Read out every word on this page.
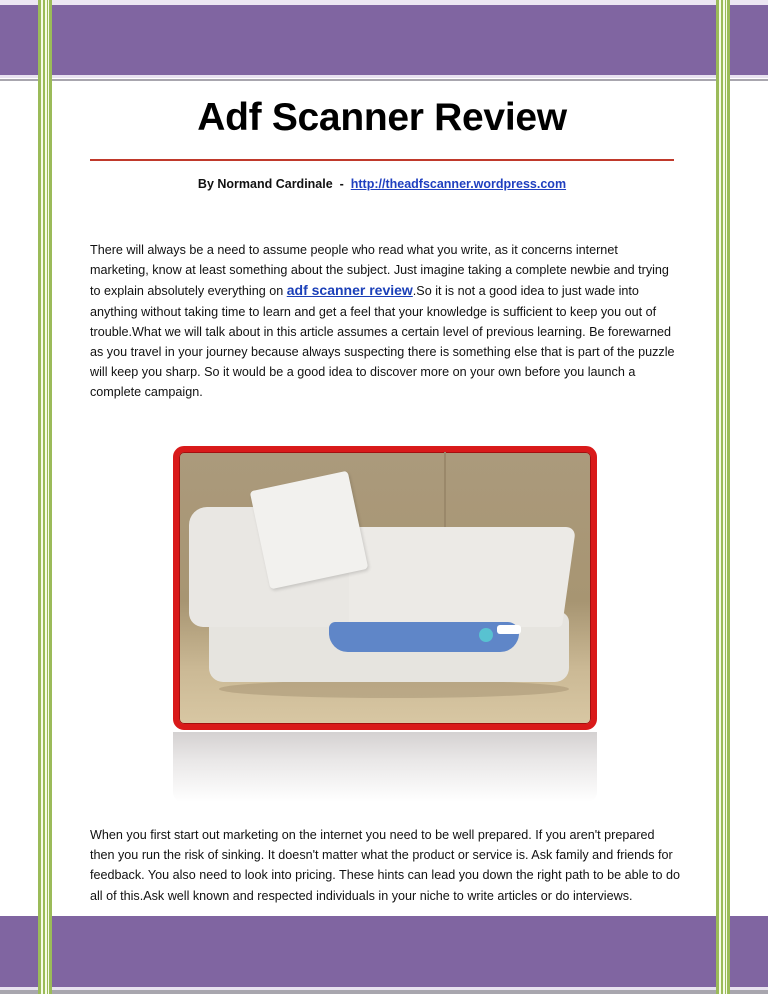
Adf Scanner Review
By Normand Cardinale  -  http://theadfscanner.wordpress.com
There will always be a need to assume people who read what you write, as it concerns internet marketing, know at least something about the subject. Just imagine taking a complete newbie and trying to explain absolutely everything on adf scanner review.So it is not a good idea to just wade into anything without taking time to learn and get a feel that your knowledge is sufficient to keep you out of trouble.What we will talk about in this article assumes a certain level of previous learning. Be forewarned as you travel in your journey because always suspecting there is something else that is part of the puzzle will keep you sharp. So it would be a good idea to discover more on your own before you launch a complete campaign.
When you first start out marketing on the internet you need to be well prepared. If you aren't prepared then you run the risk of sinking. It doesn't matter what the product or service is. Ask family and friends for feedback. You also need to look into pricing. These hints can lead you down the right path to be able to do all of this.Ask well known and respected individuals in your niche to write articles or do interviews.
